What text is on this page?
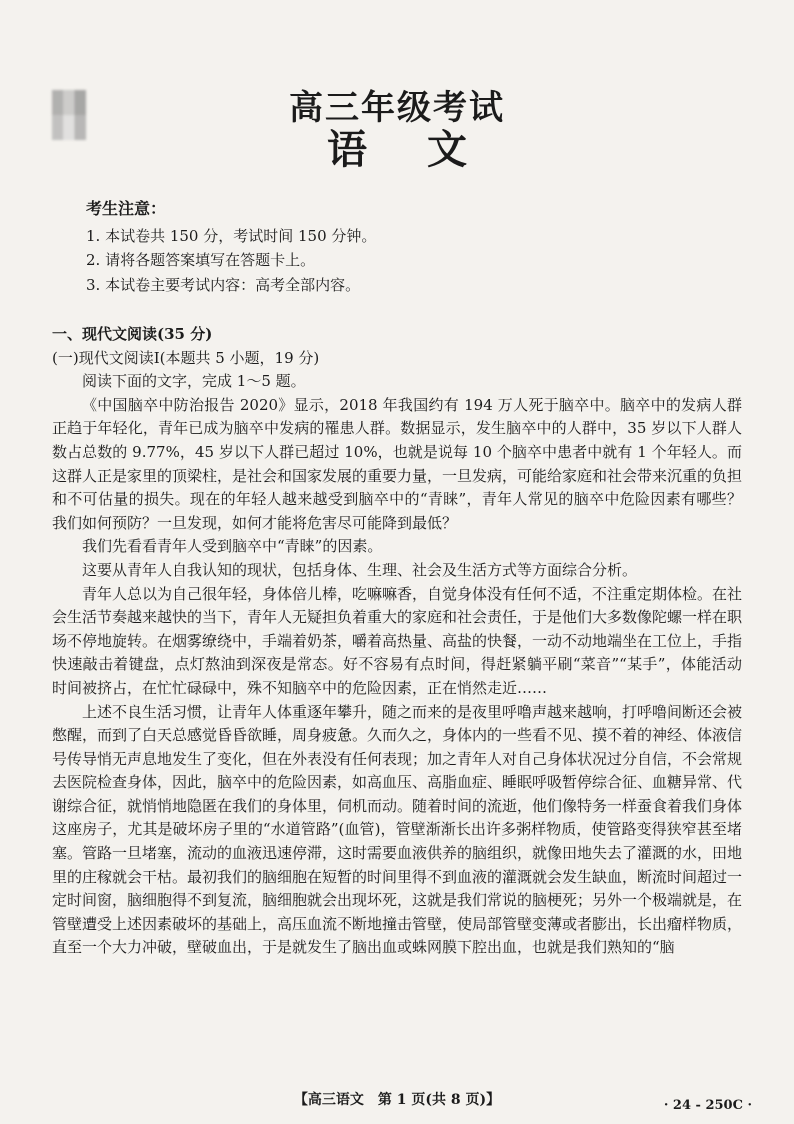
高三年级考试
语文
考生注意：
1. 本试卷共 150 分，考试时间 150 分钟。
2. 请将各题答案填写在答题卡上。
3. 本试卷主要考试内容：高考全部内容。
一、现代文阅读(35 分)
(一)现代文阅读Ⅰ(本题共 5 小题，19 分)

阅读下面的文字，完成 1～5 题。

《中国脑卒中防治报告 2020》显示，2018 年我国约有 194 万人死于脑卒中。脑卒中的发病人群正趋于年轻化，青年已成为脑卒中发病的罹患人群。数据显示，发生脑卒中的人群中，35 岁以下人群人数占总数的 9.77%，45 岁以下人群已超过 10%，也就是说每 10 个脑卒中患者中就有 1 个年轻人。而这群人正是家里的顶梁柱，是社会和国家发展的重要力量，一旦发病，可能给家庭和社会带来沉重的负担和不可估量的损失。现在的年轻人越来越受到脑卒中的“青睐”，青年人常见的脑卒中危险因素有哪些？我们如何预防？一旦发现，如何才能将危害尽可能降到最低？

我们先看看青年人受到脑卒中“青睐”的因素。

这要从青年人自我认知的现状，包括身体、生理、社会及生活方式等方面综合分析。

青年人总以为自己很年轻，身体倍儿棒，吃嘛嘛香，自觉身体没有任何不适，不注重定期体检。在社会生活节奏越来越快的当下，青年人无疑担负着重大的家庭和社会责任，于是他们大多数像陀螺一样在职场不停地旋转。在烟雾缭绕中，手端着奶茶，嚼着高热量、高盐的快餐，一动不动地端坐在工位上，手指快速敲击着键盘，点灯熬油到深夜是常态。好不容易有点时间，得赶紧躺平刷“菜音”“某手”，体能活动时间被挤占，在忙忙碌碌中，殊不知脑卒中的危险因素，正在悄然走近……

上述不良生活习惯，让青年人体重逐年攀升，随之而来的是夜里呼噜声越来越响，打呼噜间断还会被憋醒，而到了白天总感觉昏昏欲睡，周身疲惫。久而久之，身体内的一些看不见、摸不着的神经、体液信号传导悄无声息地发生了变化，但在外表没有任何表现；加之青年人对自己身体状况过分自信，不会常规去医院检查身体，因此，脑卒中的危险因素，如高血压、高脂血症、睡眠呼吸暂停综合征、血糖异常、代谢综合征，就悄悄地隐匿在我们的身体里，伺机而动。随着时间的流逝，他们像特务一样蚕食着我们身体这座房子，尤其是破坏房子里的“水道管路”(血管)，管壁渐渐长出许多粥样物质，使管路变得狭窄甚至堵塞。管路一旦堵塞，流动的血液迅速停滞，这时需要血液供养的脑组织，就像田地失去了灌溉的水，田地里的庄稼就会干枯。最初我们的脑细胞在短暂的时间里得不到血液的灌溉就会发生缺血，断流时间超过一定时间窗，脑细胞得不到复流，脑细胞就会出现坏死，这就是我们常说的脑梗死；另外一个极端就是，在管壁遭受上述因素破坏的基础上，高压血流不断地撞击管壁，使局部管壁变薄或者膨出，长出瘤样物质，直至一个大力冲破，壁破血出，于是就发生了脑出血或蛛网膜下腔出血，也就是我们熟知的“脑

【高三语文　第 1 页(共 8 页)】	· 24 - 250C ·
